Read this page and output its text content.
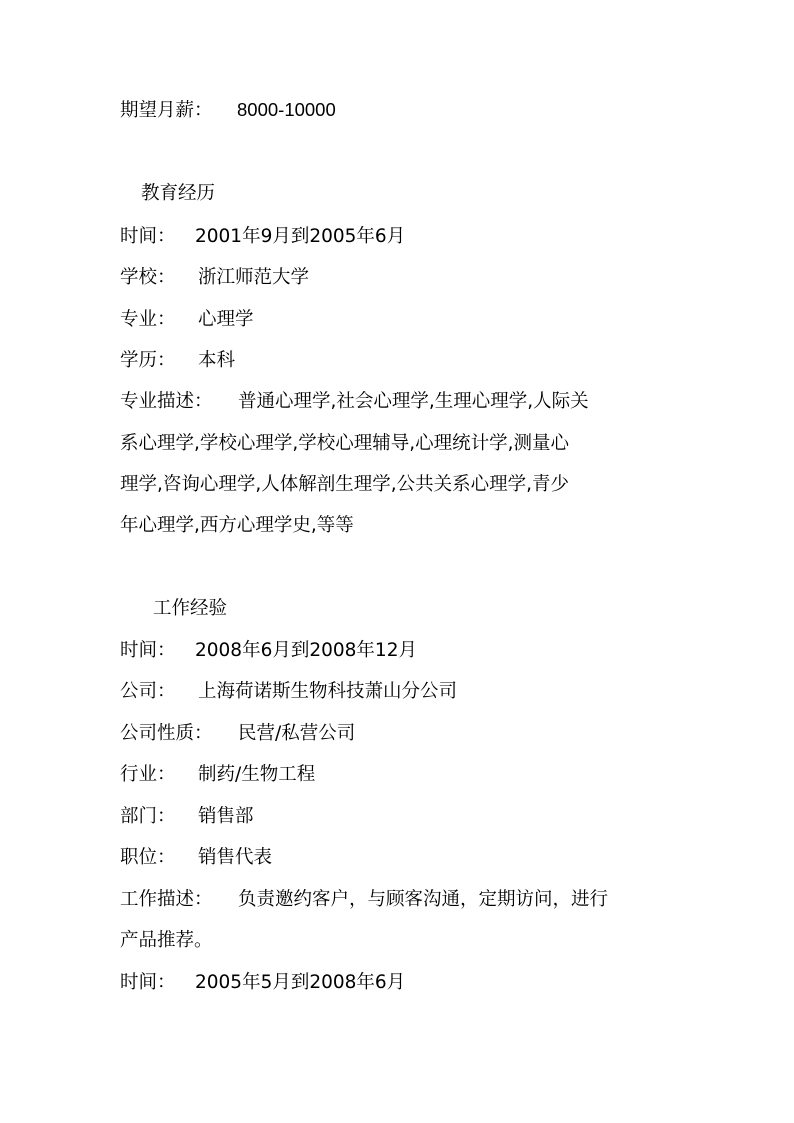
期望月薪： 8000-10000
教育经历
时间： 2001年9月到2005年6月
学校： 浙江师范大学
专业： 心理学
学历： 本科
专业描述： 普通心理学,社会心理学,生理心理学,人际关
系心理学,学校心理学,学校心理辅导,心理统计学,测量心
理学,咨询心理学,人体解剖生理学,公共关系心理学,青少
年心理学,西方心理学史,等等
工作经验
时间： 2008年6月到2008年12月
公司： 上海荷诺斯生物科技萧山分公司
公司性质： 民营/私营公司
行业： 制药/生物工程
部门： 销售部
职位： 销售代表
工作描述： 负责邀约客户，与顾客沟通，定期访问，进行
产品推荐。
时间： 2005年5月到2008年6月
